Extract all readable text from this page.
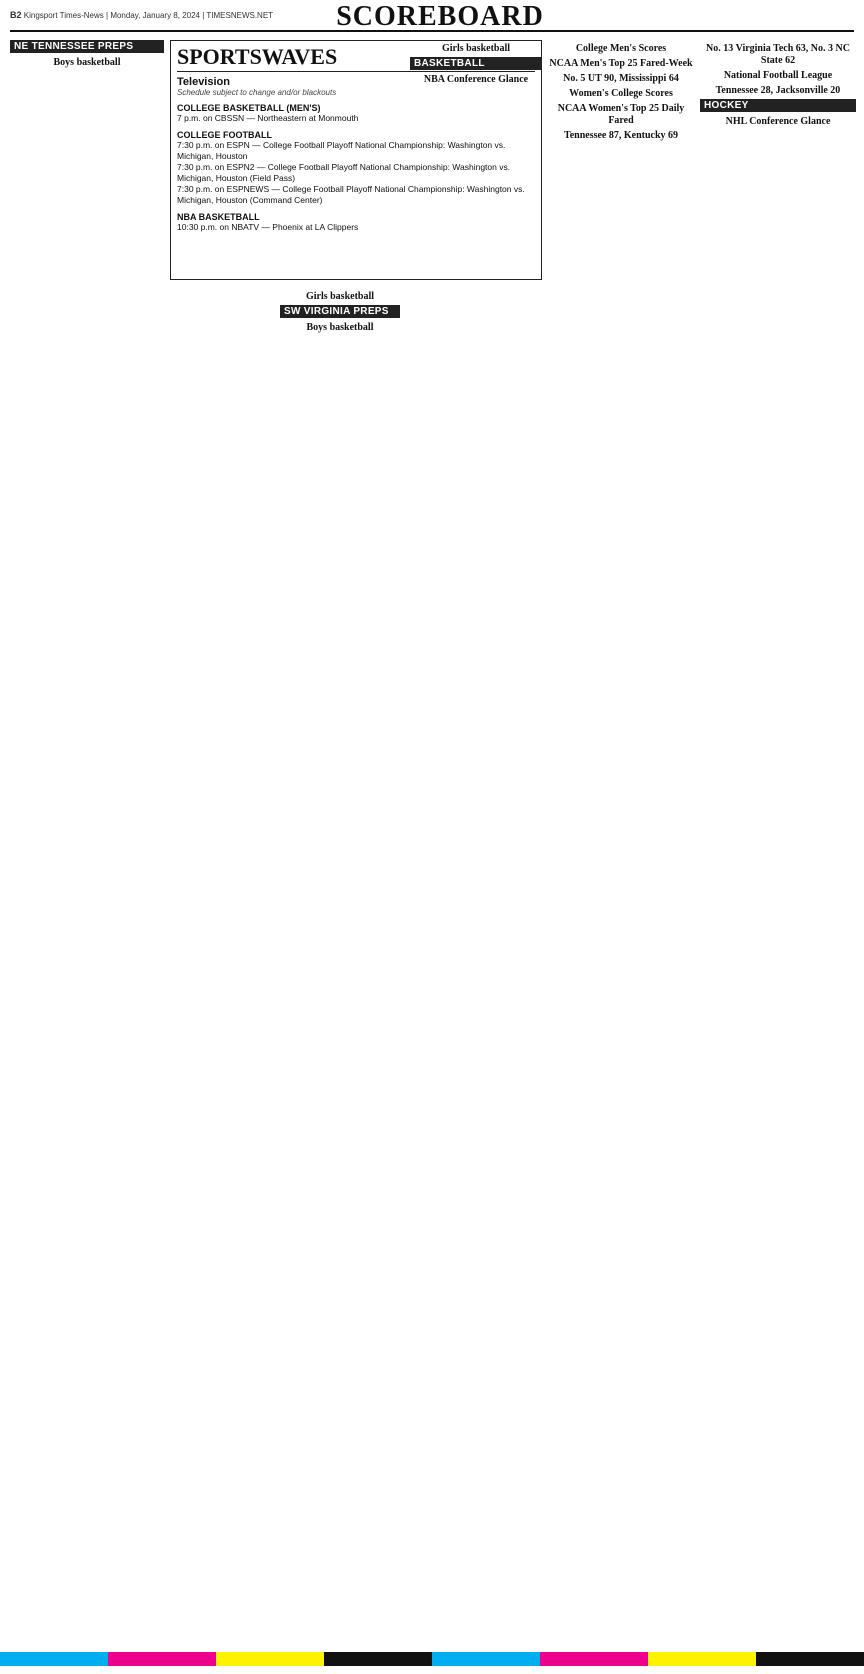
B2 Kingsport Times-News | Monday, January 8, 2024 | TIMESNEWS.NET	SCOREBOARD
NE TENNESSEE PREPS
Boys basketball	SPORTSWAVES
Television
Schedule subject to change and/or blackouts
COLLEGE BASKETBALL (MEN'S)
7 p.m. on CBSSN — Northeastern at Monmouth
COLLEGE FOOTBALL
7:30 p.m. on ESPN — College Football Playoff National Championship: Washington vs. Michigan, Houston
7:30 p.m. on ESPN2 — College Football Playoff National Championship: Washington vs. Michigan, Houston (Field Pass)
7:30 p.m. on ESPNEWS — College Football Playoff National Championship: Washington vs. Michigan, Houston (Command Center)
NBA BASKETBALL
10:30 p.m. on NBATV — Phoenix at LA Clippers
Girls basketball
SW VIRGINIA PREPS
Boys basketball
Girls basketball
BASKETBALL
NBA Conference Glance
College Men's Scores
NCAA Men's Top 25 Fared-Week
No. 5 UT 90, Mississippi 64
Women's College Scores
NCAA Women's Top 25 Daily Fared
Tennessee 87, Kentucky 69
No. 13 Virginia Tech 63, No. 3 NC State 62
National Football League
Tennessee 28, Jacksonville 20
HOCKEY
NHL Conference Glance
